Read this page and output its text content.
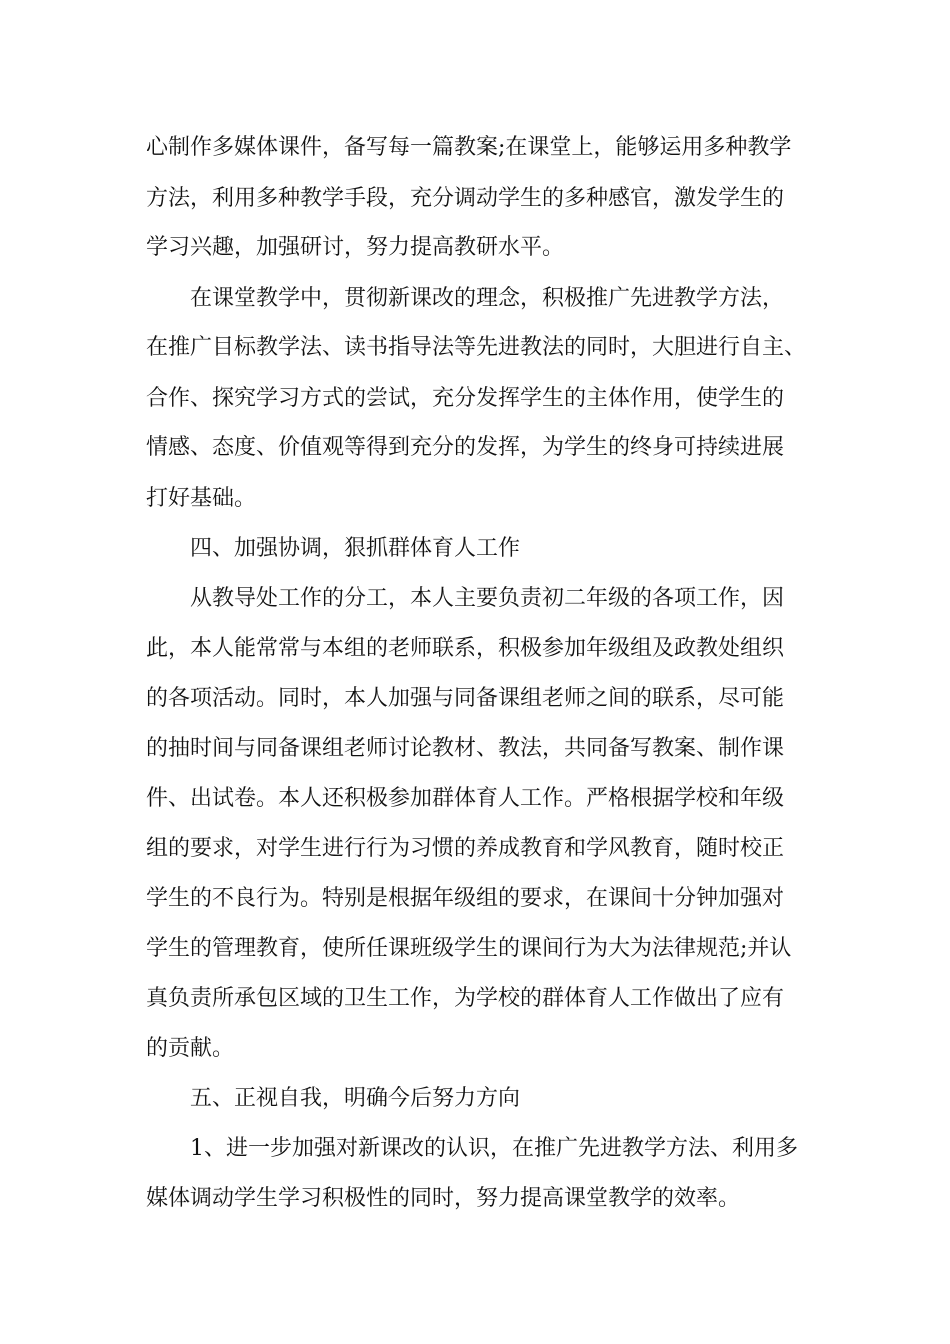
心制作多媒体课件，备写每一篇教案;在课堂上，能够运用多种教学
方法，利用多种教学手段，充分调动学生的多种感官，激发学生的
学习兴趣，加强研讨，努力提高教研水平。
在课堂教学中，贯彻新课改的理念，积极推广先进教学方法，
在推广目标教学法、读书指导法等先进教法的同时，大胆进行自主、
合作、探究学习方式的尝试，充分发挥学生的主体作用，使学生的
情感、态度、价值观等得到充分的发挥，为学生的终身可持续进展
打好基础。
四、加强协调，狠抓群体育人工作
从教导处工作的分工，本人主要负责初二年级的各项工作，因
此，本人能常常与本组的老师联系，积极参加年级组及政教处组织
的各项活动。同时，本人加强与同备课组老师之间的联系，尽可能
的抽时间与同备课组老师讨论教材、教法，共同备写教案、制作课
件、出试卷。本人还积极参加群体育人工作。严格根据学校和年级
组的要求，对学生进行行为习惯的养成教育和学风教育，随时校正
学生的不良行为。特别是根据年级组的要求，在课间十分钟加强对
学生的管理教育，使所任课班级学生的课间行为大为法律规范;并认
真负责所承包区域的卫生工作，为学校的群体育人工作做出了应有
的贡献。
五、正视自我，明确今后努力方向
1、进一步加强对新课改的认识，在推广先进教学方法、利用多
媒体调动学生学习积极性的同时，努力提高课堂教学的效率。
